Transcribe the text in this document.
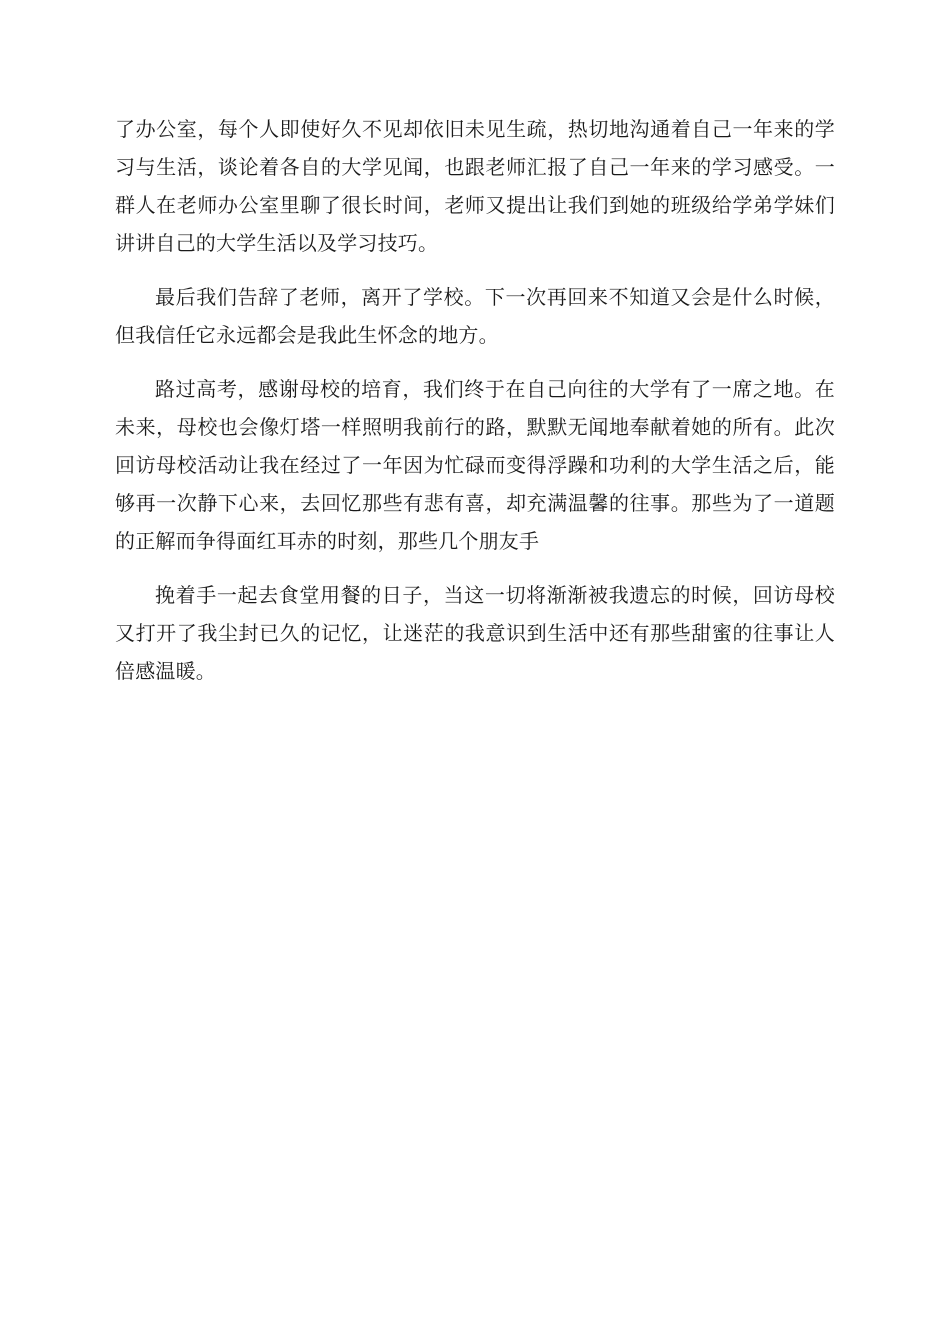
了办公室，每个人即使好久不见却依旧未见生疏，热切地沟通着自己一年来的学习与生活，谈论着各自的大学见闻，也跟老师汇报了自己一年来的学习感受。一群人在老师办公室里聊了很长时间，老师又提出让我们到她的班级给学弟学妹们讲讲自己的大学生活以及学习技巧。

最后我们告辞了老师，离开了学校。下一次再回来不知道又会是什么时候，但我信任它永远都会是我此生怀念的地方。

路过高考，感谢母校的培育，我们终于在自己向往的大学有了一席之地。在未来，母校也会像灯塔一样照明我前行的路，默默无闻地奉献着她的所有。此次回访母校活动让我在经过了一年因为忙碌而变得浮躁和功利的大学生活之后，能够再一次静下心来，去回忆那些有悲有喜，却充满温馨的往事。那些为了一道题的正解而争得面红耳赤的时刻，那些几个朋友手

挽着手一起去食堂用餐的日子，当这一切将渐渐被我遗忘的时候，回访母校又打开了我尘封已久的记忆，让迷茫的我意识到生活中还有那些甜蜜的往事让人倍感温暖。
